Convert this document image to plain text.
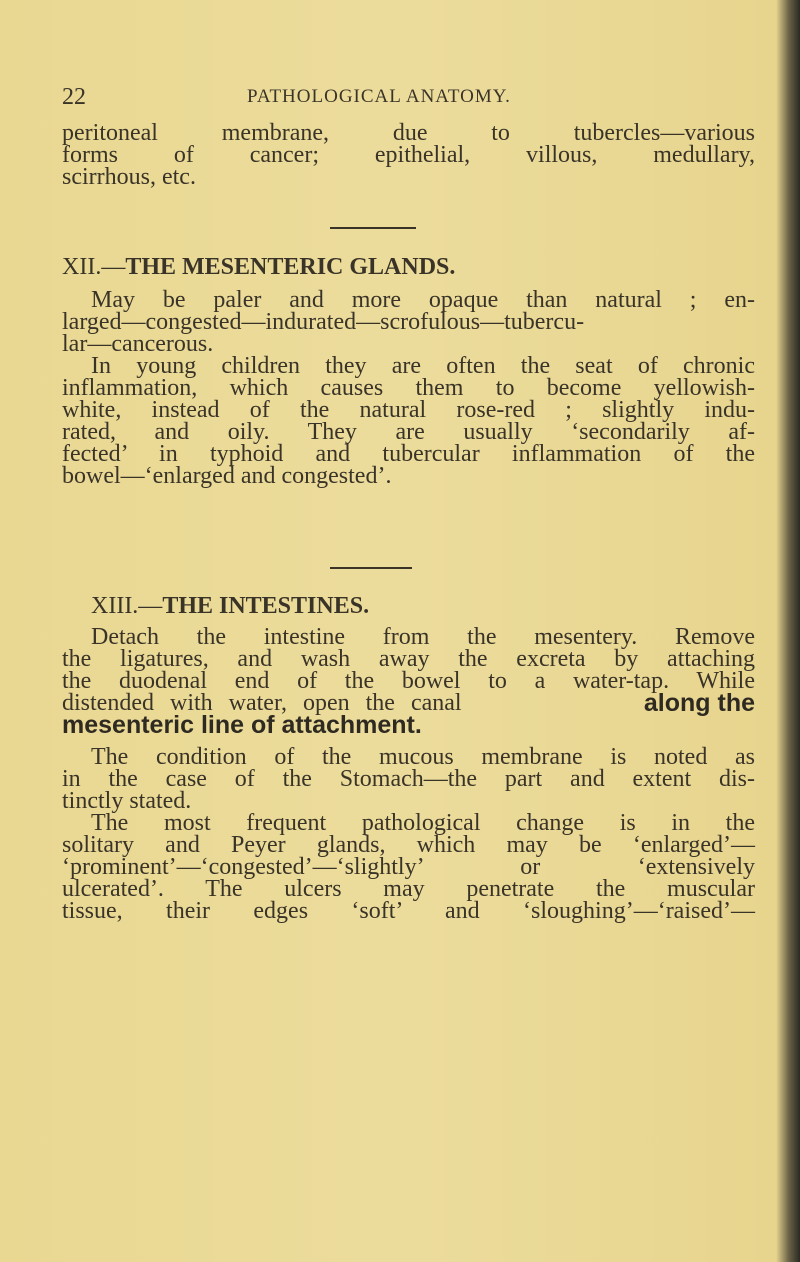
22	PATHOLOGICAL ANATOMY.
peritoneal membrane, due to tubercles—various
forms of cancer; epithelial, villous, medullary,
scirrhous, etc.
XII.—THE MESENTERIC GLANDS.
May be paler and more opaque than natural ; en-
larged—congested—indurated—scrofulous—tubercu-
lar—cancerous.
In young children they are often the seat of chronic
inflammation, which causes them to become yellowish-
white, instead of the natural rose-red ; slightly indu-
rated, and oily. They are usually ‘secondarily af-
fected’ in typhoid and tubercular inflammation of the
bowel—‘enlarged and congested’.
XIII.—THE INTESTINES.
Detach the intestine from the mesentery. Remove
the ligatures, and wash away the excreta by attaching
the duodenal end of the bowel to a water-tap. While
distended with water, open the canal	along the
mesenteric line of attachment.
The condition of the mucous membrane is noted as
in the case of the Stomach—the part and extent dis-
tinctly stated.
The most frequent pathological change is in the
solitary and Peyer glands, which may be ‘enlarged’—
‘prominent’—‘congested’—‘slightly’ or ‘extensively
ulcerated’. The ulcers may penetrate the muscular
tissue, their edges ‘soft’ and ‘sloughing’—‘raised’—
